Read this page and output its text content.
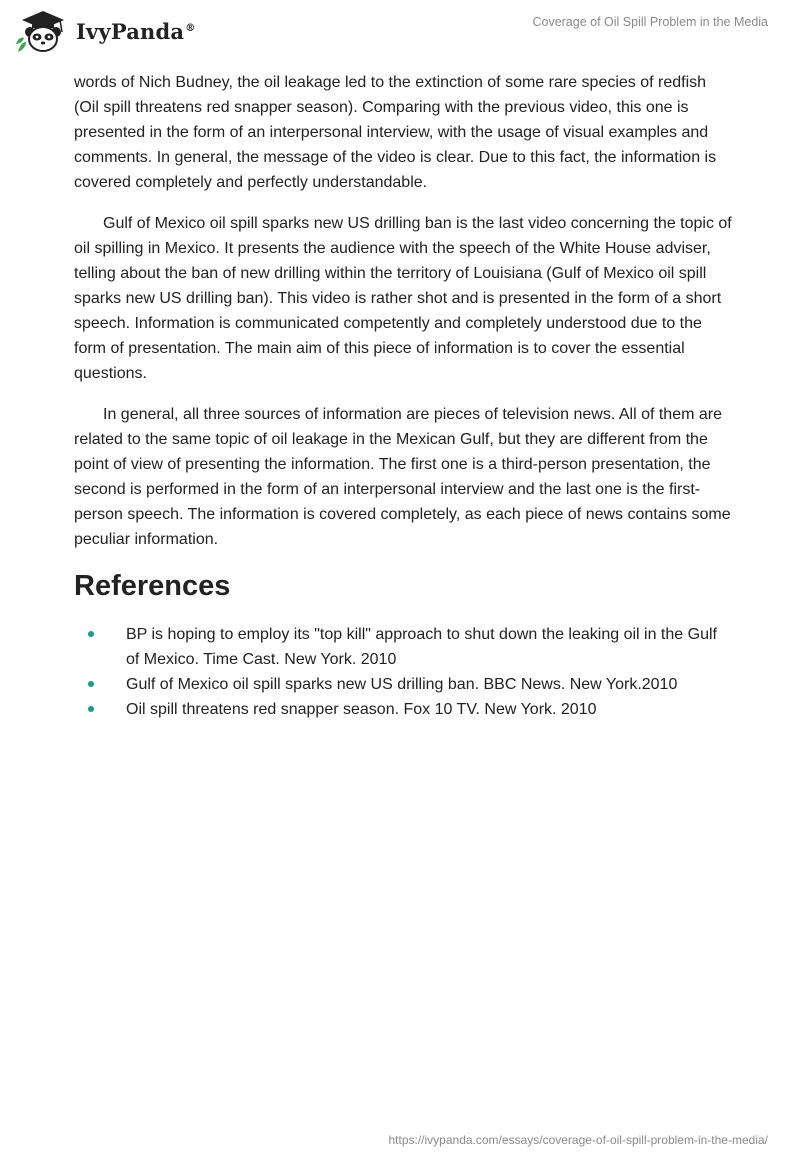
IvyPanda®	Coverage of Oil Spill Problem in the Media

words of Nich Budney, the oil leakage led to the extinction of some rare species of redfish (Oil spill threatens red snapper season). Comparing with the previous video, this one is presented in the form of an interpersonal interview, with the usage of visual examples and comments. In general, the message of the video is clear. Due to this fact, the information is covered completely and perfectly understandable.

Gulf of Mexico oil spill sparks new US drilling ban is the last video concerning the topic of oil spilling in Mexico. It presents the audience with the speech of the White House adviser, telling about the ban of new drilling within the territory of Louisiana (Gulf of Mexico oil spill sparks new US drilling ban). This video is rather shot and is presented in the form of a short speech. Information is communicated competently and completely understood due to the form of presentation. The main aim of this piece of information is to cover the essential questions.

In general, all three sources of information are pieces of television news. All of them are related to the same topic of oil leakage in the Mexican Gulf, but they are different from the point of view of presenting the information. The first one is a third-person presentation, the second is performed in the form of an interpersonal interview and the last one is the first-person speech. The information is covered completely, as each piece of news contains some peculiar information.

References
BP is hoping to employ its "top kill" approach to shut down the leaking oil in the Gulf of Mexico. Time Cast. New York. 2010
Gulf of Mexico oil spill sparks new US drilling ban. BBC News. New York.2010
Oil spill threatens red snapper season. Fox 10 TV. New York. 2010
https://ivypanda.com/essays/coverage-of-oil-spill-problem-in-the-media/
